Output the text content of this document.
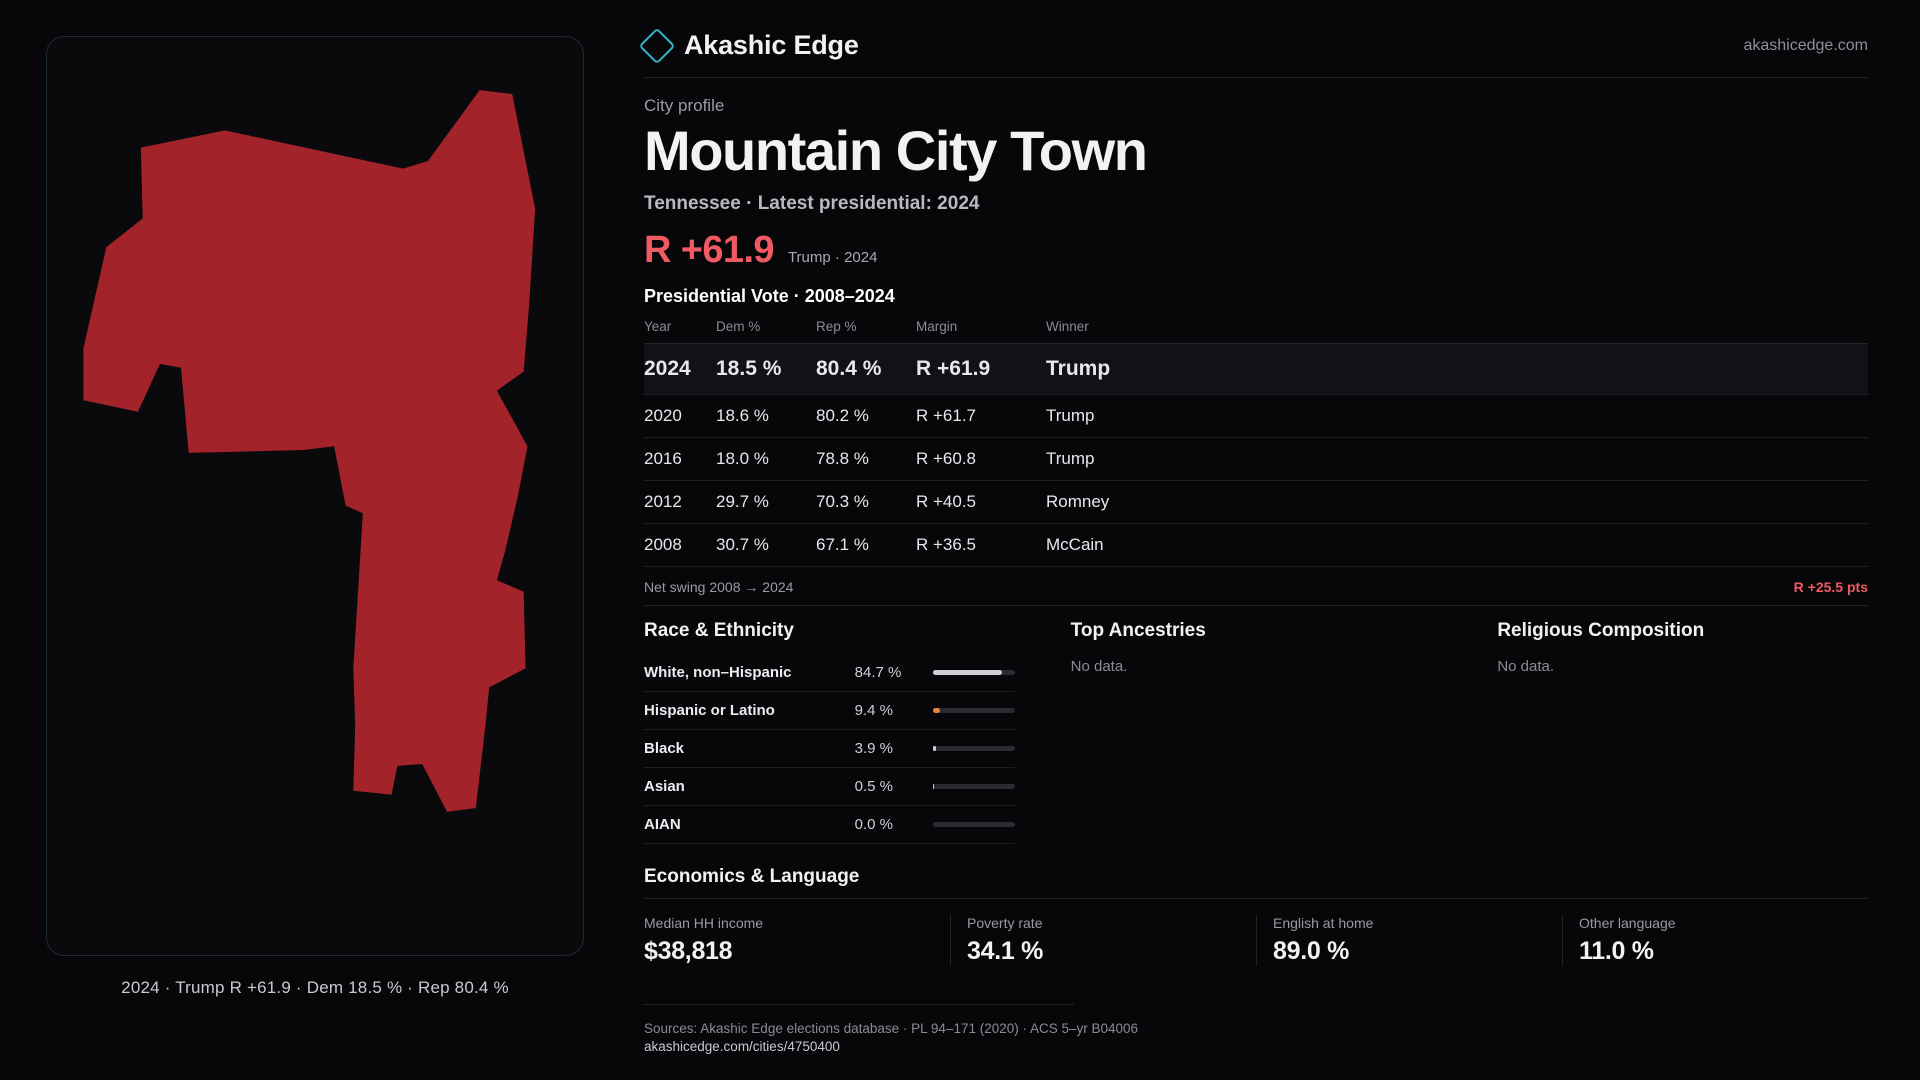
2024 · Trump R +61.9 · Dem 18.5 % · Rep 80.4 %
Akashic Edge	akashicedge.com
City profile
Mountain City Town
Tennessee · Latest presidential: 2024
R +61.9 Trump · 2024
Presidential Vote · 2008–2024
Year	Dem %	Rep %	Margin	Winner
2024	18.5 %	80.4 %	R +61.9	Trump
2020	18.6 %	80.2 %	R +61.7	Trump
2016	18.0 %	78.8 %	R +60.8	Trump
2012	29.7 %	70.3 %	R +40.5	Romney
2008	30.7 %	67.1 %	R +36.5	McCain
Net swing 2008 → 2024	R +25.5 pts
Race & Ethnicity
White, non–Hispanic	84.7 %	

Hispanic or Latino	9.4 %	

Black	3.9 %	

Asian	0.5 %	

AIAN	0.0 %	
Top Ancestries
No data.
Religious Composition
No data.
Economics & Language
Median HH income
$38,818
Poverty rate
34.1 %
English at home
89.0 %
Other language
11.0 %
Sources: Akashic Edge elections database · PL 94–171 (2020) · ACS 5–yr B04006
akashicedge.com/cities/4750400
